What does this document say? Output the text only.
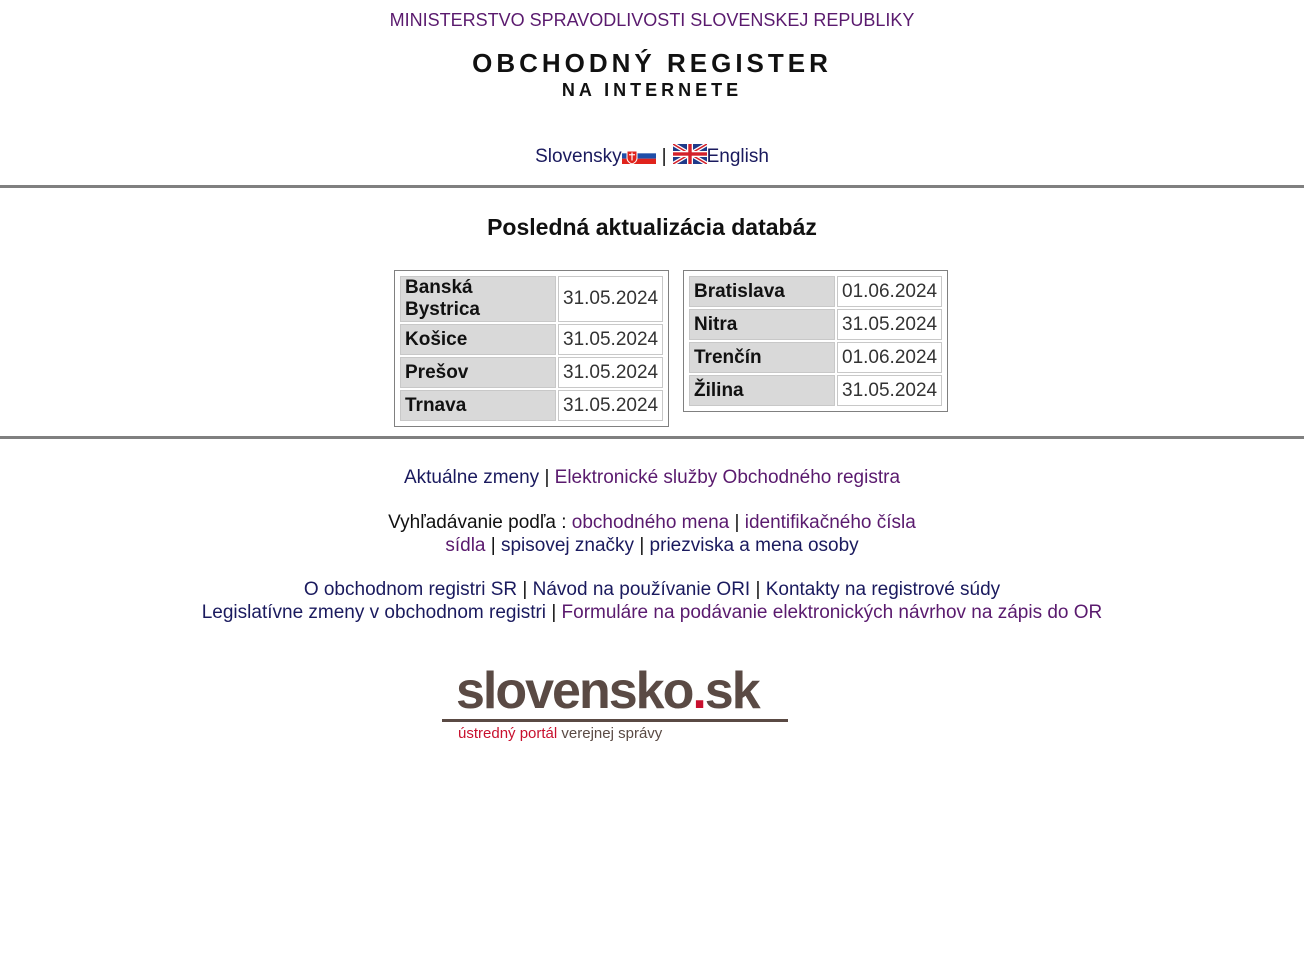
MINISTERSTVO SPRAVODLIVOSTI SLOVENSKEJ REPUBLIKY
OBCHODNÝ REGISTER
NA INTERNETE
Slovensky | English
Posledná aktualizácia databáz
Banská Bystrica	31.05.2024
Košice	31.05.2024
Prešov	31.05.2024
Trnava	31.05.2024
Bratislava	01.06.2024
Nitra	31.05.2024
Trenčín	01.06.2024
Žilina	31.05.2024
Aktuálne zmeny | Elektronické služby Obchodného registra
Vyhľadávanie podľa : obchodného mena | identifikačného čísla
sídla | spisovej značky | priezviska a mena osoby
O obchodnom registri SR | Návod na používanie ORI | Kontakty na registrové súdy
Legislatívne zmeny v obchodnom registri | Formuláre na podávanie elektronických návrhov na zápis do OR
slovensko.sk
ústredný portál verejnej správy
